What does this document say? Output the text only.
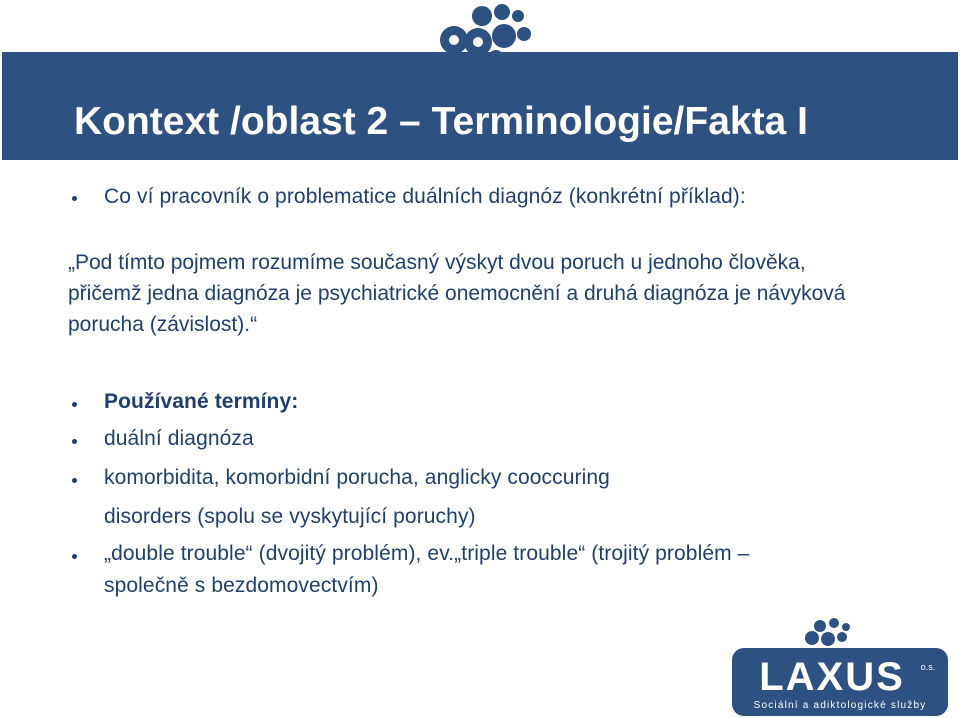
Kontext /oblast 2 – Terminologie/Fakta I
Co ví pracovník o problematice duálních diagnóz (konkrétní příklad):
„Pod tímto pojmem rozumíme současný výskyt dvou poruch u jednoho člověka, přičemž jedna diagnóza je psychiatrické onemocnění a druhá diagnóza je návyková porucha (závislost).“
Používané termíny:
duální diagnóza
komorbidita, komorbidní porucha, anglicky cooccuring
disorders (spolu se vyskytující poruchy)
„double trouble“ (dvojitý problém), ev.„triple trouble“ (trojitý problém –
společně s bezdomovectvím)
LAXUS o.s.
Sociální a adiktologické služby
